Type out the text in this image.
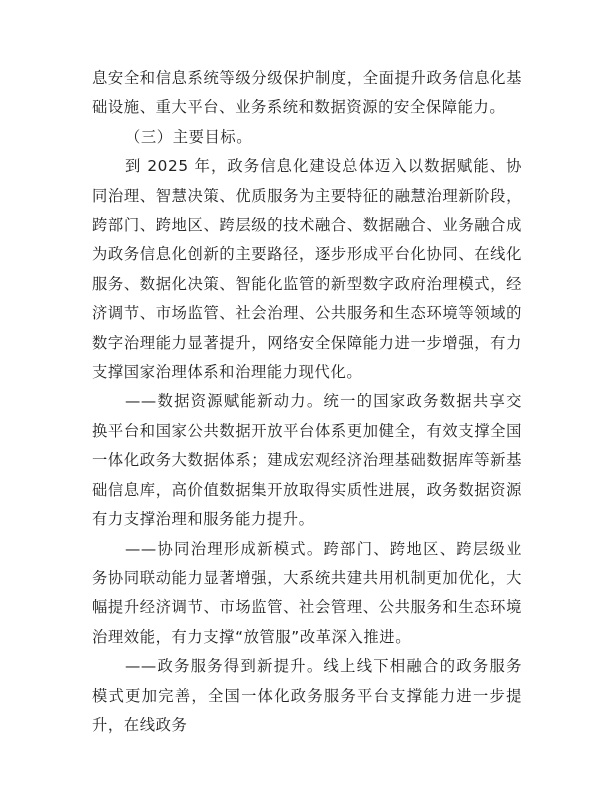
息安全和信息系统等级分级保护制度，全面提升政务信息化基础设施、重大平台、业务系统和数据资源的安全保障能力。

（三）主要目标。

到 2025 年，政务信息化建设总体迈入以数据赋能、协同治理、智慧决策、优质服务为主要特征的融慧治理新阶段，跨部门、跨地区、跨层级的技术融合、数据融合、业务融合成为政务信息化创新的主要路径，逐步形成平台化协同、在线化服务、数据化决策、智能化监管的新型数字政府治理模式，经济调节、市场监管、社会治理、公共服务和生态环境等领域的数字治理能力显著提升，网络安全保障能力进一步增强，有力支撑国家治理体系和治理能力现代化。

——数据资源赋能新动力。统一的国家政务数据共享交换平台和国家公共数据开放平台体系更加健全，有效支撑全国一体化政务大数据体系；建成宏观经济治理基础数据库等新基础信息库，高价值数据集开放取得实质性进展，政务数据资源有力支撑治理和服务能力提升。

——协同治理形成新模式。跨部门、跨地区、跨层级业务协同联动能力显著增强，大系统共建共用机制更加优化，大幅提升经济调节、市场监管、社会管理、公共服务和生态环境治理效能，有力支撑“放管服”改革深入推进。

——政务服务得到新提升。线上线下相融合的政务服务模式更加完善，全国一体化政务服务平台支撑能力进一步提升，在线政务
